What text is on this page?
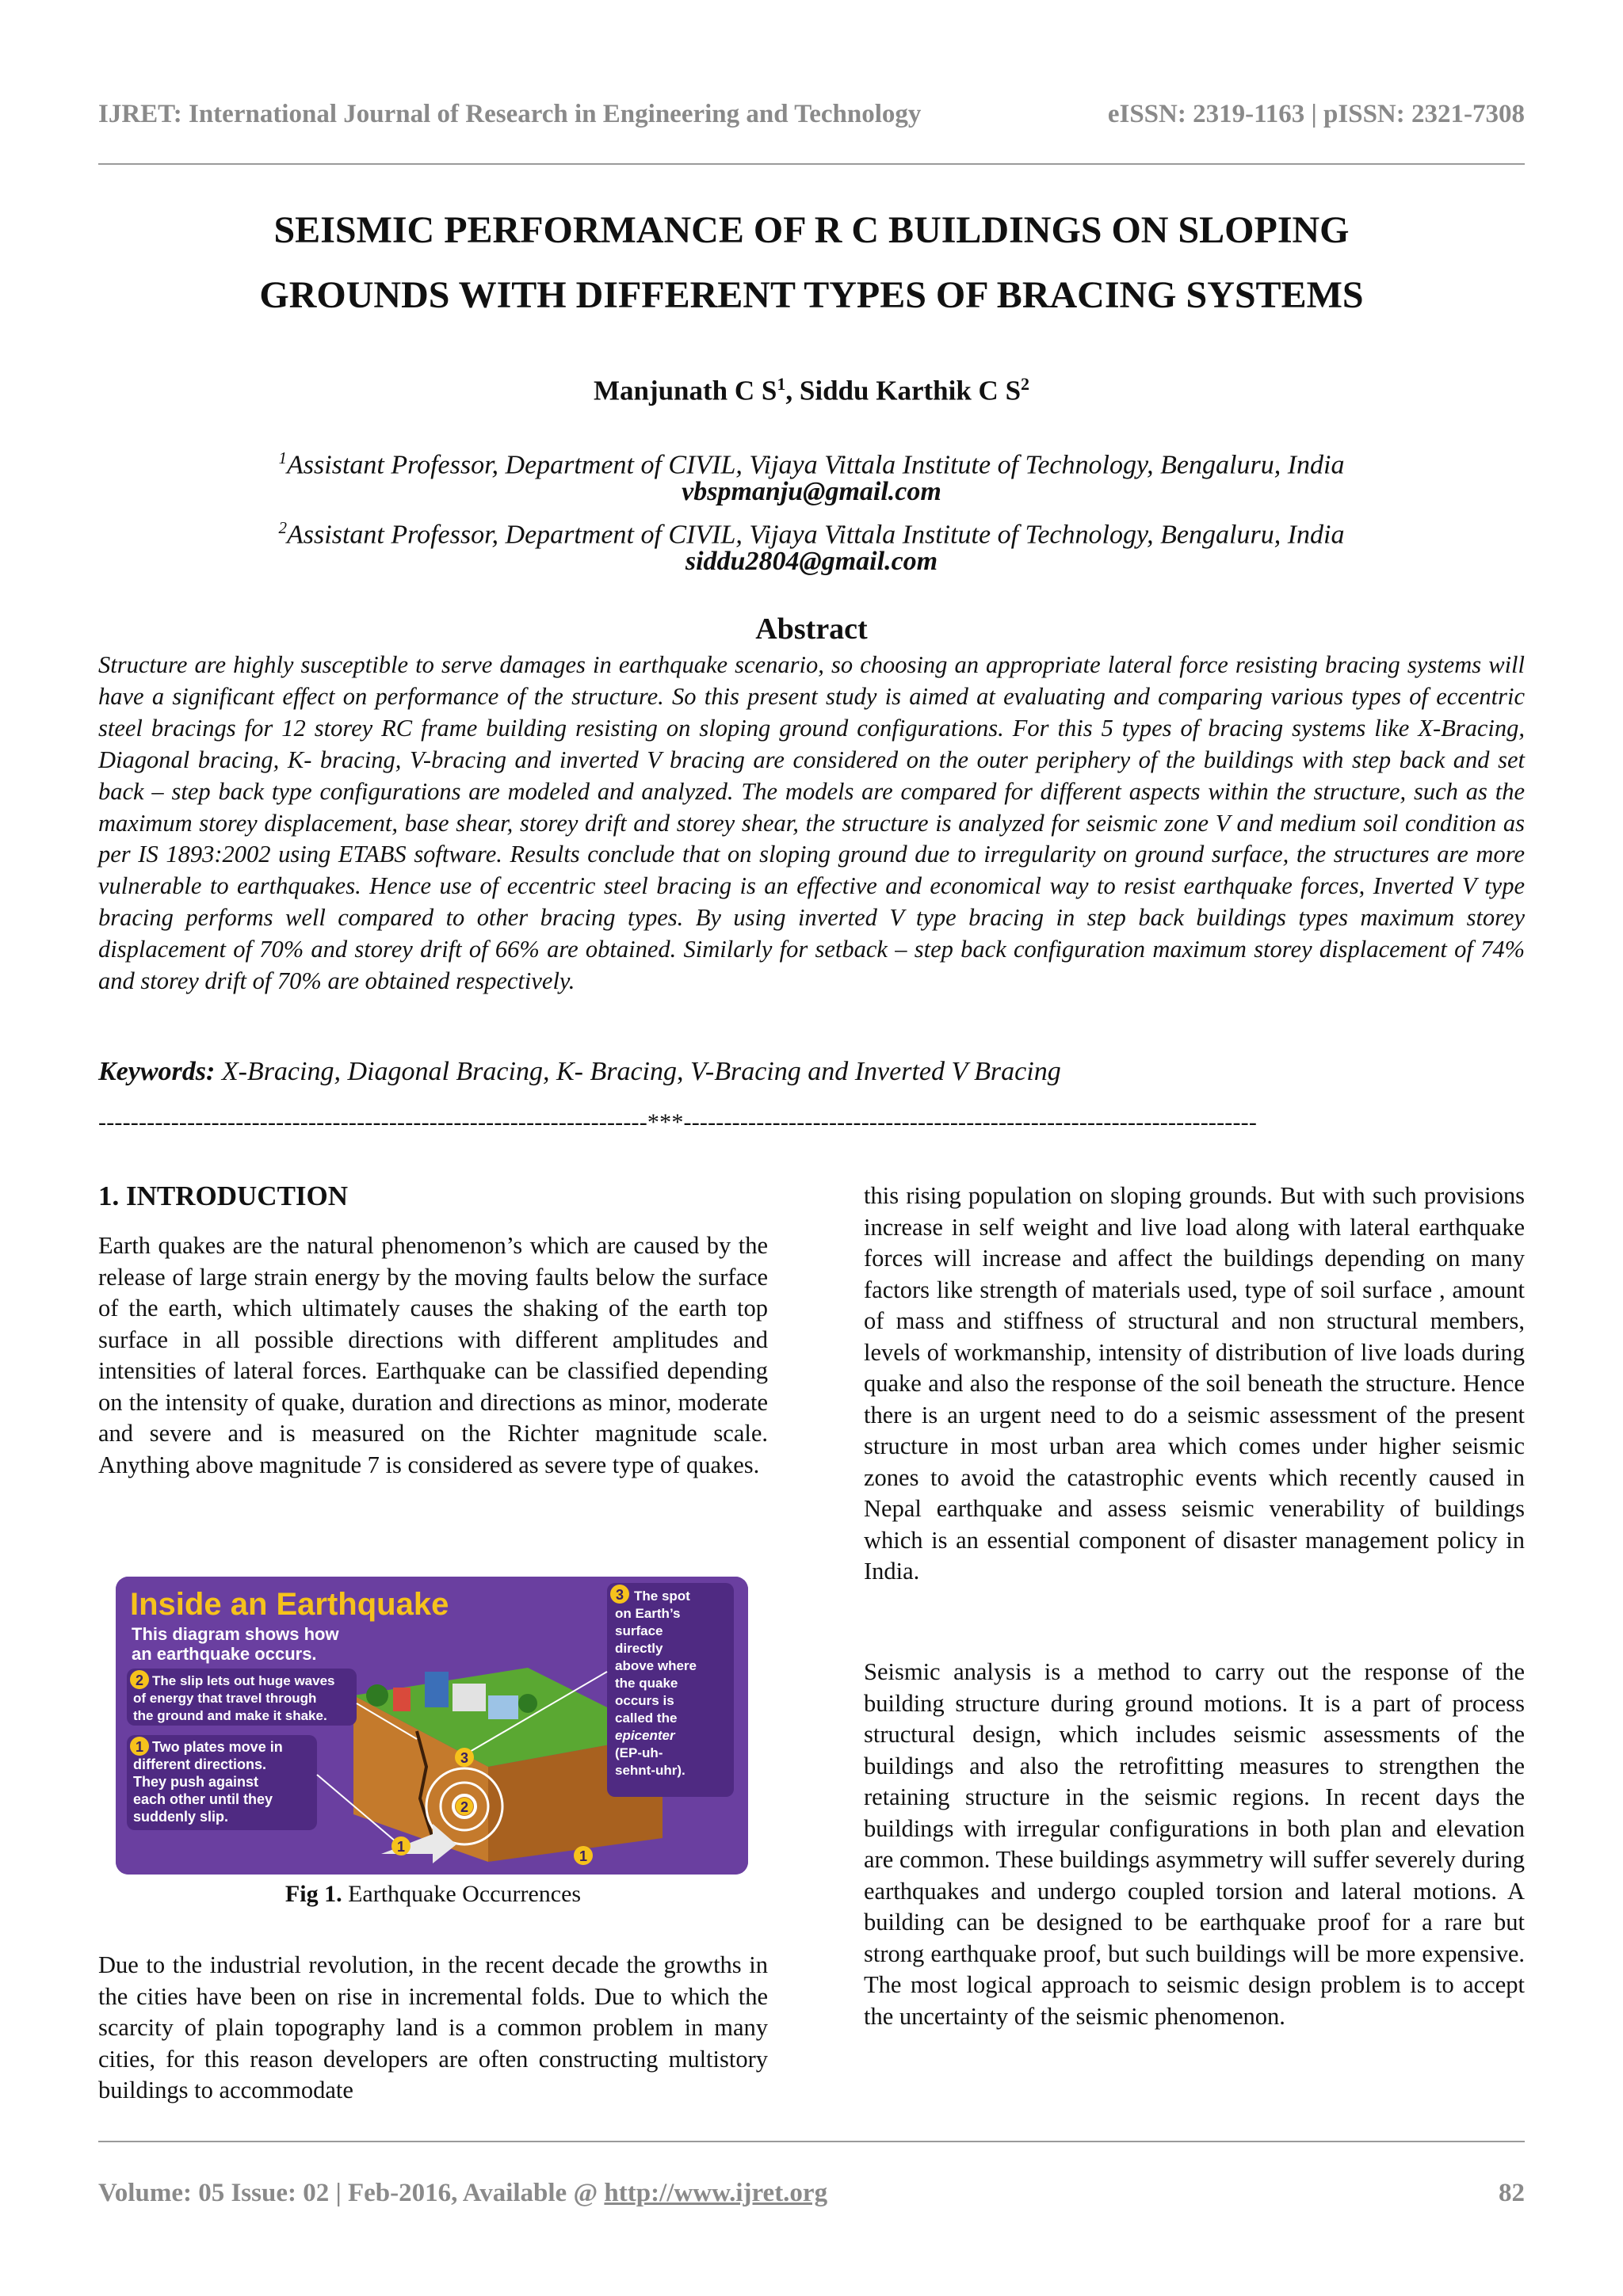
IJRET: International Journal of Research in Engineering and Technology	eISSN: 2319-1163 | pISSN: 2321-7308
SEISMIC PERFORMANCE OF R C BUILDINGS ON SLOPING
GROUNDS WITH DIFFERENT TYPES OF BRACING SYSTEMS
Manjunath C $S^1$, Siddu Karthik C $S^2$
$^1$Assistant Professor, Department of CIVIL, Vijaya Vittala Institute of Technology, Bengaluru, India
vbspmanju@gmail.com
$^2$Assistant Professor, Department of CIVIL, Vijaya Vittala Institute of Technology, Bengaluru, India
siddu2804@gmail.com
Abstract
Structure are highly susceptible to serve damages in earthquake scenario, so choosing an appropriate lateral force resisting bracing systems will have a significant effect on performance of the structure. So this present study is aimed at evaluating and comparing various types of eccentric steel bracings for 12 storey RC frame building resisting on sloping ground configurations. For this 5 types of bracing systems like X-Bracing, Diagonal bracing, K- bracing, V-bracing and inverted V bracing are considered on the outer periphery of the buildings with step back and set back – step back type configurations are modeled and analyzed. The models are compared for different aspects within the structure, such as the maximum storey displacement, base shear, storey drift and storey shear, the structure is analyzed for seismic zone V and medium soil condition as per IS 1893:2002 using ETABS software. Results conclude that on sloping ground due to irregularity on ground surface, the structures are more vulnerable to earthquakes. Hence use of eccentric steel bracing is an effective and economical way to resist earthquake forces, Inverted V type bracing performs well compared to other bracing types. By using inverted V type bracing in step back buildings types maximum storey displacement of 70% and storey drift of 66% are obtained. Similarly for setback – step back configuration maximum storey displacement of 74% and storey drift of 70% are obtained respectively.
Keywords: X-Bracing, Diagonal Bracing, K- Bracing, V-Bracing and Inverted V Bracing
--------------------------------------------------------------------***-----------------------------------------------------------------------
1. INTRODUCTION
Earth quakes are the natural phenomenon’s which are caused by the release of large strain energy by the moving faults below the surface of the earth, which ultimately causes the shaking of the earth top surface in all possible directions with different amplitudes and intensities of lateral forces. Earthquake can be classified depending on the intensity of quake, duration and directions as minor, moderate and severe and is measured on the Richter magnitude scale. Anything above magnitude 7 is considered as severe type of quakes.
Inside an Earthquake
This diagram shows how
an earthquake occurs.
2 The slip lets out huge waves
of energy that travel through
the ground and make it shake.
1 Two plates move in
different directions.
They push against
each other until they
suddenly slip.
3 The spot
on Earth’s
surface
directly
above where
the quake
occurs is
called the
epicenter
(EP-uh-
sehnt-uhr).
3
2
1
1
Fig 1. Earthquake Occurrences
Due to the industrial revolution, in the recent decade the growths in the cities have been on rise in incremental folds. Due to which the scarcity of plain topography land is a common problem in many cities, for this reason developers are often constructing multistory buildings to accommodate
this rising population on sloping grounds. But with such provisions increase in self weight and live load along with lateral earthquake forces will increase and affect the buildings depending on many factors like strength of materials used, type of soil surface , amount of mass and stiffness of structural and non structural members, levels of workmanship, intensity of distribution of live loads during quake and also the response of the soil beneath the structure. Hence there is an urgent need to do a seismic assessment of the present structure in most urban area which comes under higher seismic zones to avoid the catastrophic events which recently caused in Nepal earthquake and assess seismic venerability of buildings which is an essential component of disaster management policy in India.
Seismic analysis is a method to carry out the response of the building structure during ground motions. It is a part of process structural design, which includes seismic assessments of the buildings and also the retrofitting measures to strengthen the retaining structure in the seismic regions. In recent days the buildings with irregular configurations in both plan and elevation are common. These buildings asymmetry will suffer severely during earthquakes and undergo coupled torsion and lateral motions. A building can be designed to be earthquake proof for a rare but strong earthquake proof, but such buildings will be more expensive. The most logical approach to seismic design problem is to accept the uncertainty of the seismic phenomenon.
Volume: 05 Issue: 02 | Feb-2016, Available @ http://www.ijret.org	82
